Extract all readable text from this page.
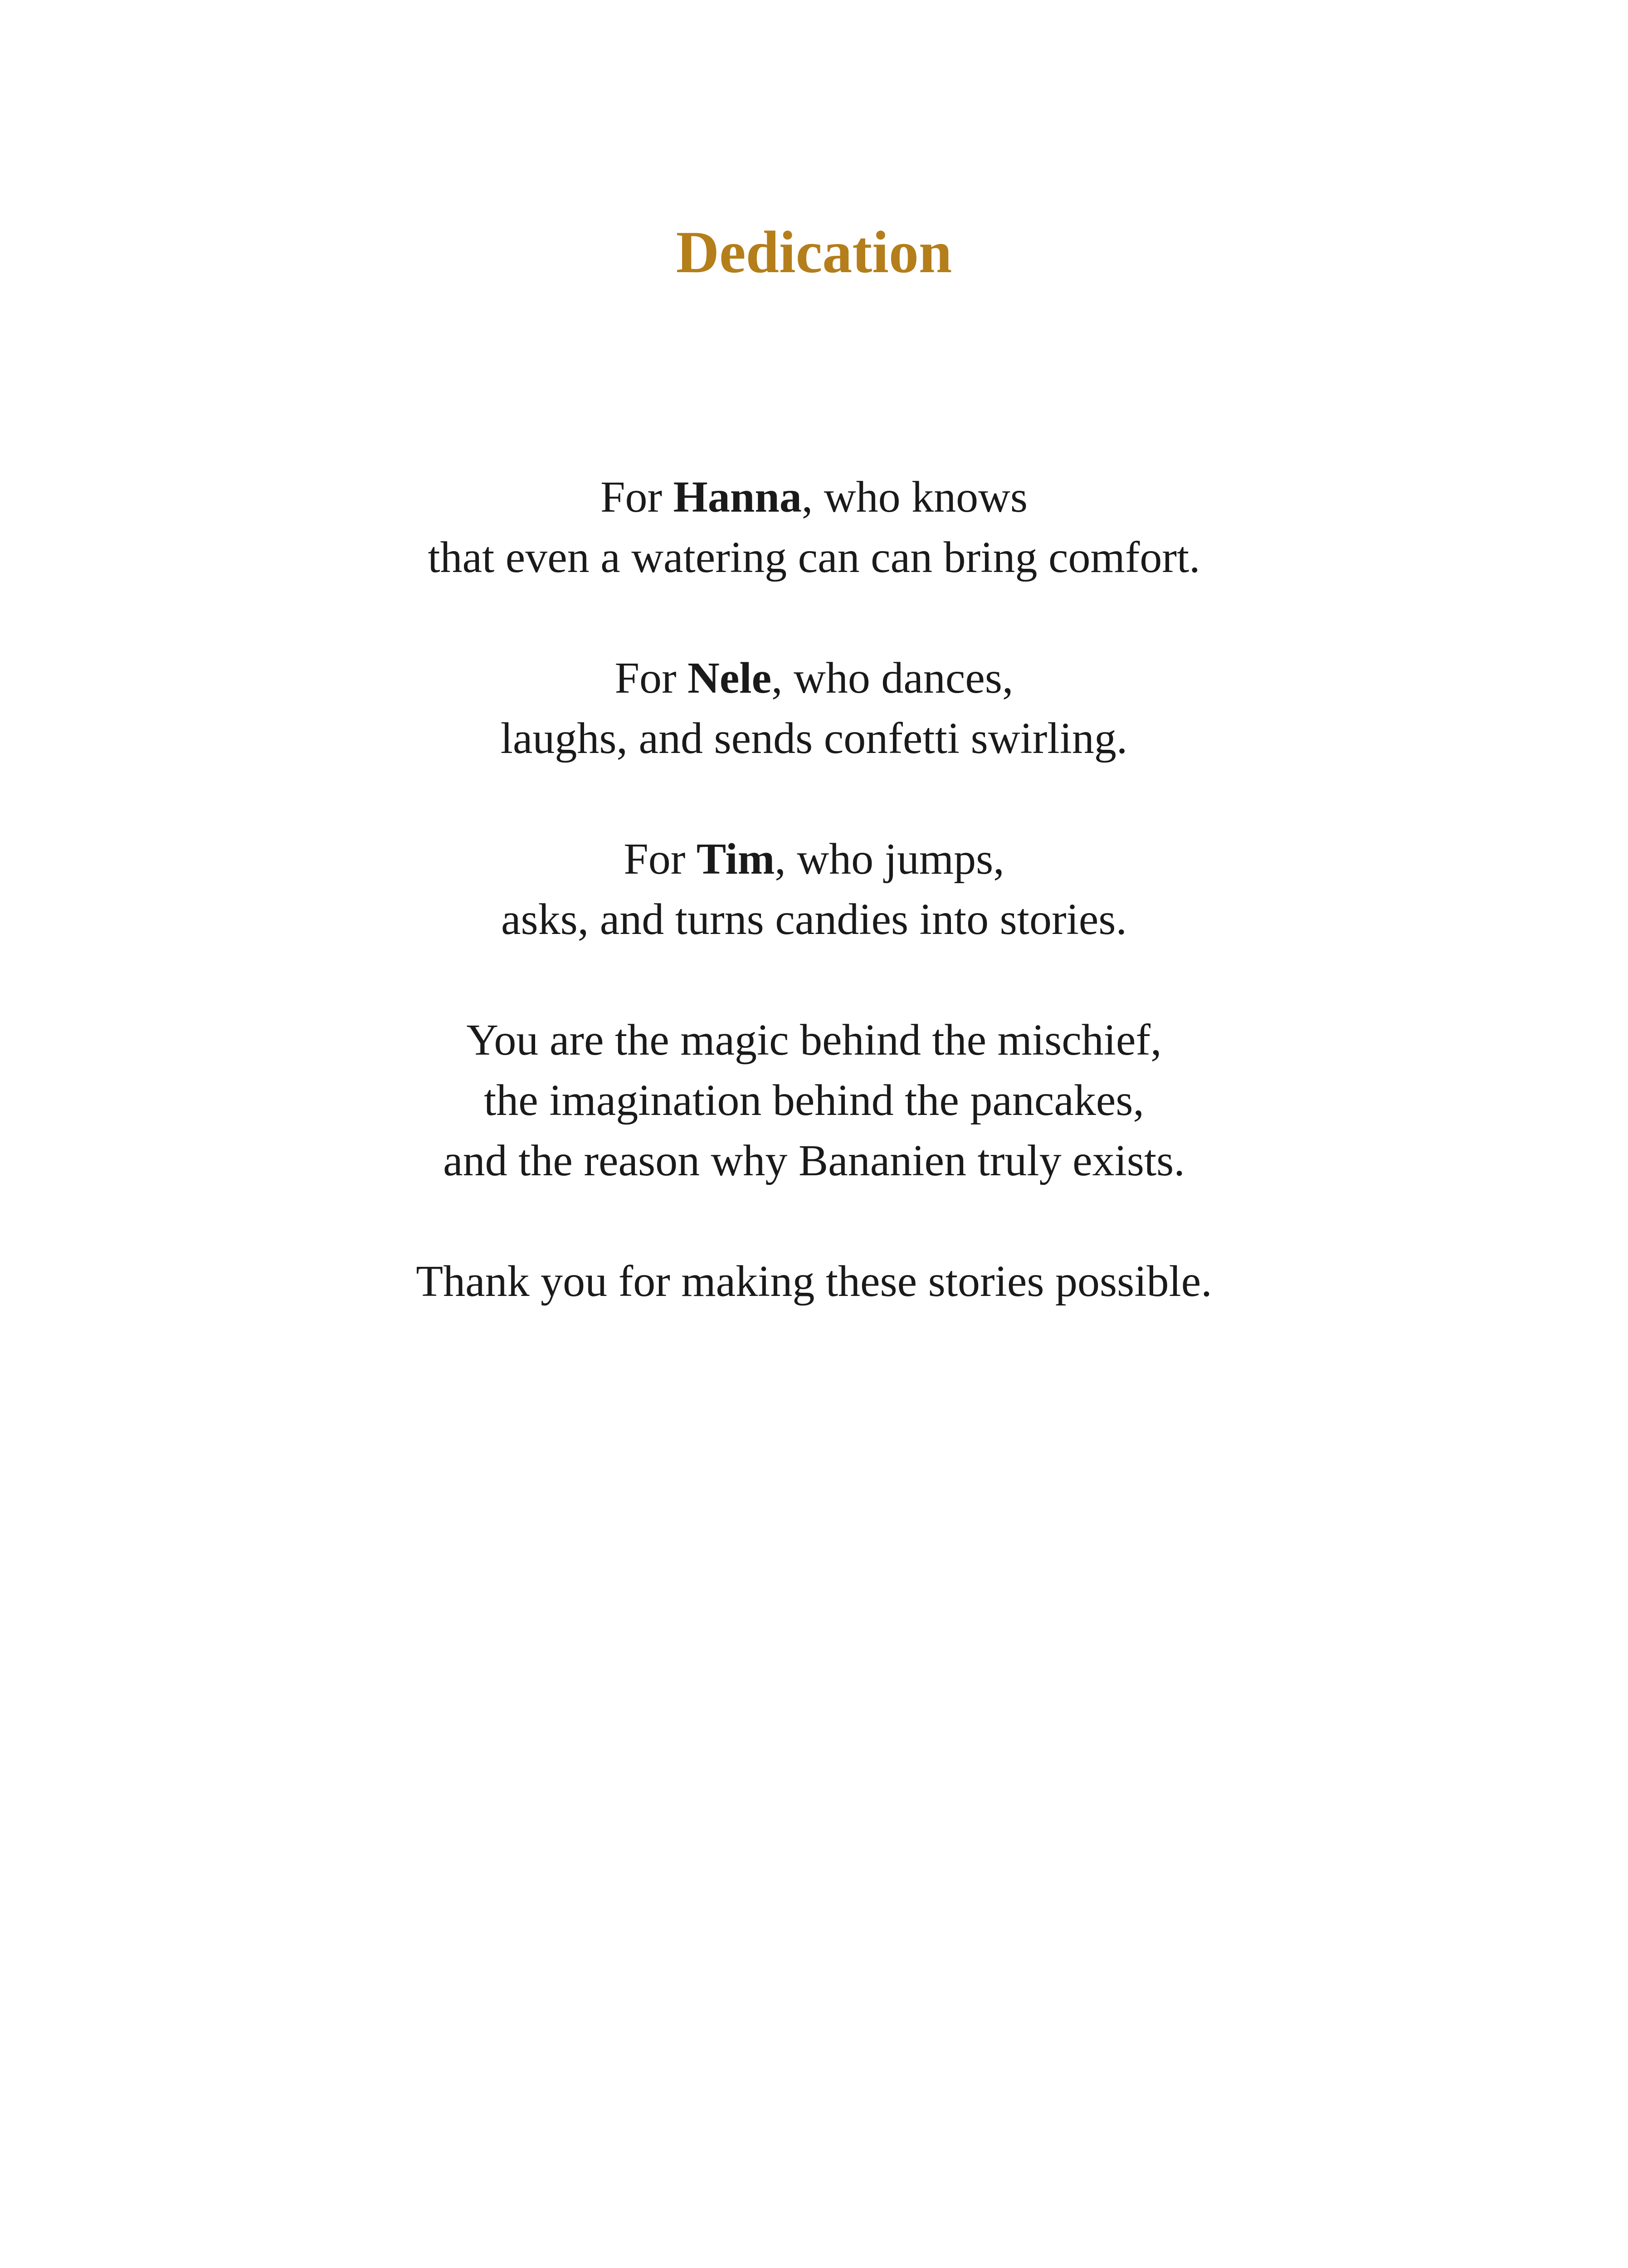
Dedication

For Hanna, who knows
that even a watering can can bring comfort.

For Nele, who dances,
laughs, and sends confetti swirling.

For Tim, who jumps,
asks, and turns candies into stories.

You are the magic behind the mischief,
the imagination behind the pancakes,
and the reason why Bananien truly exists.

Thank you for making these stories possible.
